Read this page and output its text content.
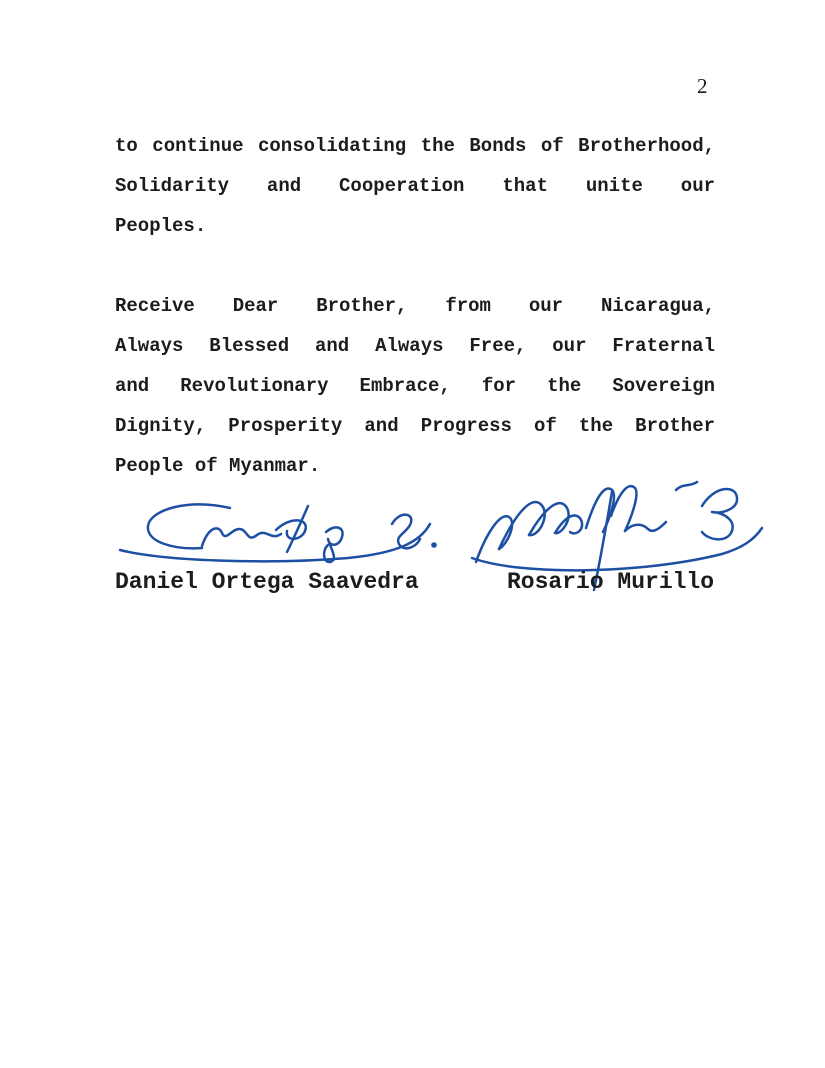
2
to continue consolidating the Bonds of Brotherhood,
Solidarity and Cooperation that unite our
Peoples.
Receive Dear Brother, from our Nicaragua,
Always Blessed and Always Free, our Fraternal
and Revolutionary Embrace, for the Sovereign
Dignity, Prosperity and Progress of the Brother
People of Myanmar.
Daniel Ortega Saavedra	Rosario Murillo
